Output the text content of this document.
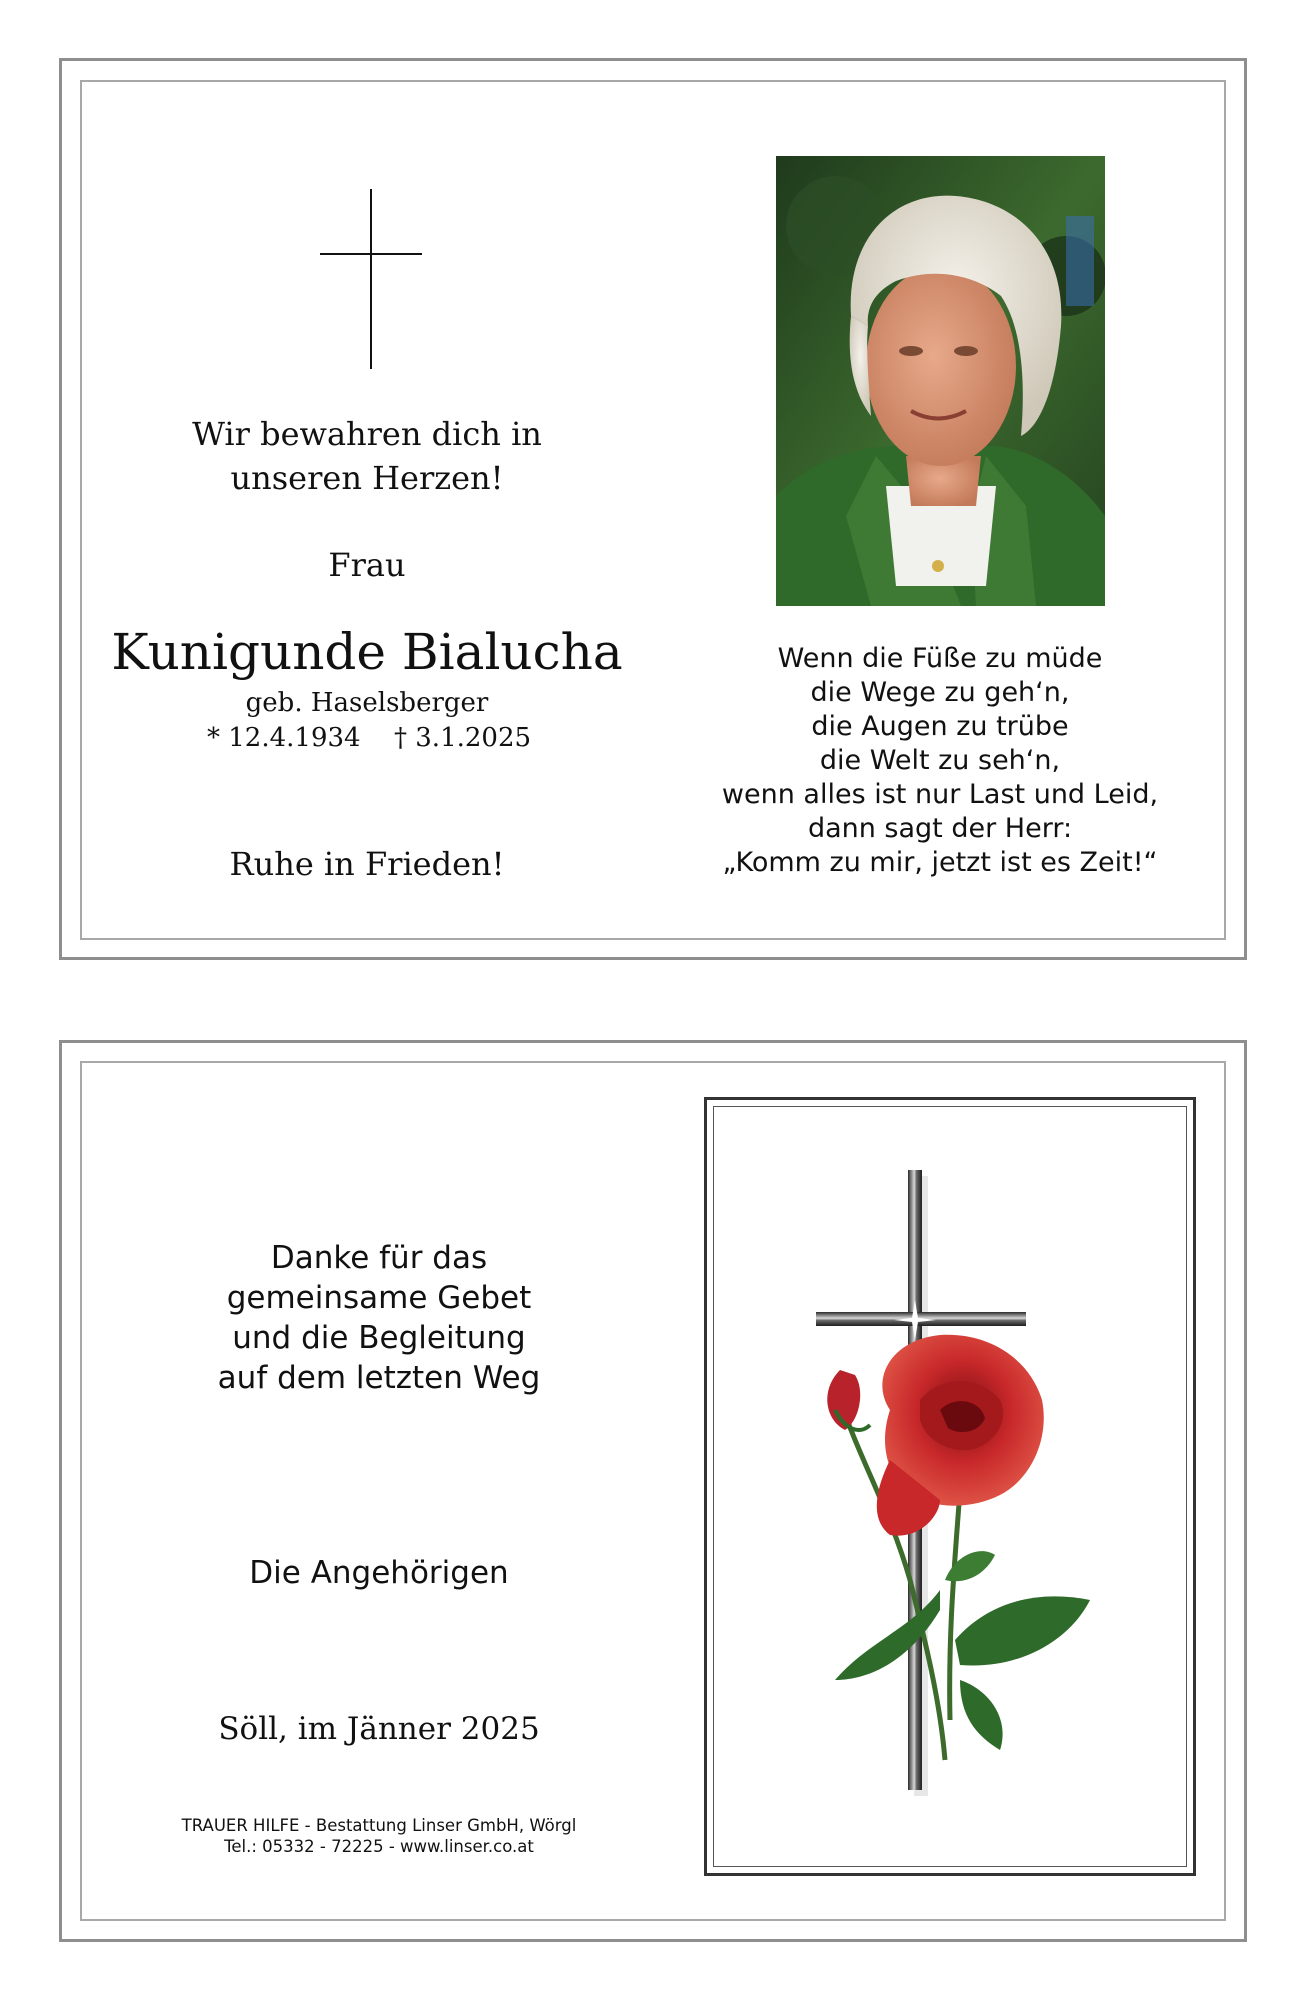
Wir bewahren dich in
unseren Herzen!
Frau
Kunigunde Bialucha
geb. Haselsberger
* 12.4.1934 † 3.1.2025
Ruhe in Frieden!
Wenn die Füße zu müde
die Wege zu geh‘n,
die Augen zu trübe
die Welt zu seh‘n,
wenn alles ist nur Last und Leid,
dann sagt der Herr:
„Komm zu mir, jetzt ist es Zeit!“
Danke für das
gemeinsame Gebet
und die Begleitung
auf dem letzten Weg
Die Angehörigen
Söll, im Jänner 2025
TRAUER HILFE - Bestattung Linser GmbH, Wörgl
Tel.: 05332 - 72225 - www.linser.co.at
